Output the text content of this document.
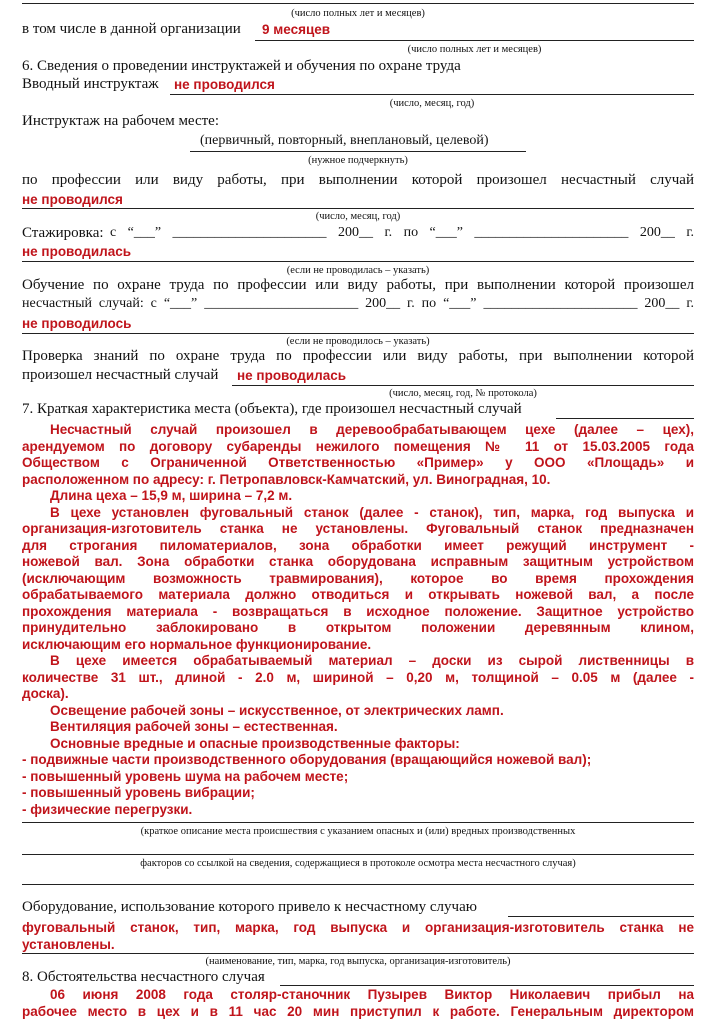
(число полных лет и месяцев)
в том числе в данной организации 9 месяцев
(число полных лет и месяцев)
6. Сведения о проведении инструктажей и обучения по охране труда
Вводный инструктаж не проводился
(число, месяц, год)
Инструктаж на рабочем месте:
(первичный, повторный, внеплановый, целевой)
(нужное подчеркнуть)
по профессии или виду работы, при выполнении которой произошел несчастный случай
не проводился
(число, месяц, год)
Стажировка: с “___” ______________________ 200__ г. по “___” ______________________ 200__ г.
не проводилась
(если не проводилась – указать)
Обучение по охране труда по профессии или виду работы, при выполнении которой произошел
несчастный случай: с “___” ______________________ 200__ г. по “___” ______________________ 200__ г.
не проводилось
(если не проводилось – указать)
Проверка знаний по охране труда по профессии или виду работы, при выполнении которой
произошел несчастный случай не проводилась
(число, месяц, год, № протокола)
7. Краткая характеристика места (объекта), где произошел несчастный случай
Несчастный случай произошел в деревообрабатывающем цехе (далее – цех),
арендуемом по договору субаренды нежилого помещения № 11 от 15.03.2005 года
Обществом с Ограниченной Ответственностью «Пример» у ООО «Площадь» и
расположенном по адресу: г. Петропавловск-Камчатский, ул. Виноградная, 10.
Длина цеха – 15,9 м, ширина – 7,2 м.
В цехе установлен фуговальный станок (далее - станок), тип, марка, год выпуска и
организация-изготовитель станка не установлены. Фуговальный станок предназначен
для строгания пиломатериалов, зона обработки имеет режущий инструмент -
ножевой вал. Зона обработки станка оборудована исправным защитным устройством
(исключающим возможность травмирования), которое во время прохождения
обрабатываемого материала должно отводиться и открывать ножевой вал, а после
прохождения материала - возвращаться в исходное положение. Защитное устройство
принудительно заблокировано в открытом положении деревянным клином,
исключающим его нормальное функционирование.
В цехе имеется обрабатываемый материал – доски из сырой лиственницы в
количестве 31 шт., длиной - 2.0 м, шириной – 0,20 м, толщиной – 0.05 м (далее -
доска).
Освещение рабочей зоны – искусственное, от электрических ламп.
Вентиляция рабочей зоны – естественная.
Основные вредные и опасные производственные факторы:
- подвижные части производственного оборудования (вращающийся ножевой вал);
- повышенный уровень шума на рабочем месте;
- повышенный уровень вибрации;
- физические перегрузки.
(краткое описание места происшествия с указанием опасных и (или) вредных производственных
факторов со ссылкой на сведения, содержащиеся в протоколе осмотра места несчастного случая)
Оборудование, использование которого привело к несчастному случаю
фуговальный станок, тип, марка, год выпуска и организация-изготовитель станка не
установлены.
(наименование, тип, марка, год выпуска, организация-изготовитель)
8. Обстоятельства несчастного случая
06 июня 2008 года столяр-станочник Пузырев Виктор Николаевич прибыл на
рабочее место в цех и в 11 час 20 мин приступил к работе. Генеральным директором
